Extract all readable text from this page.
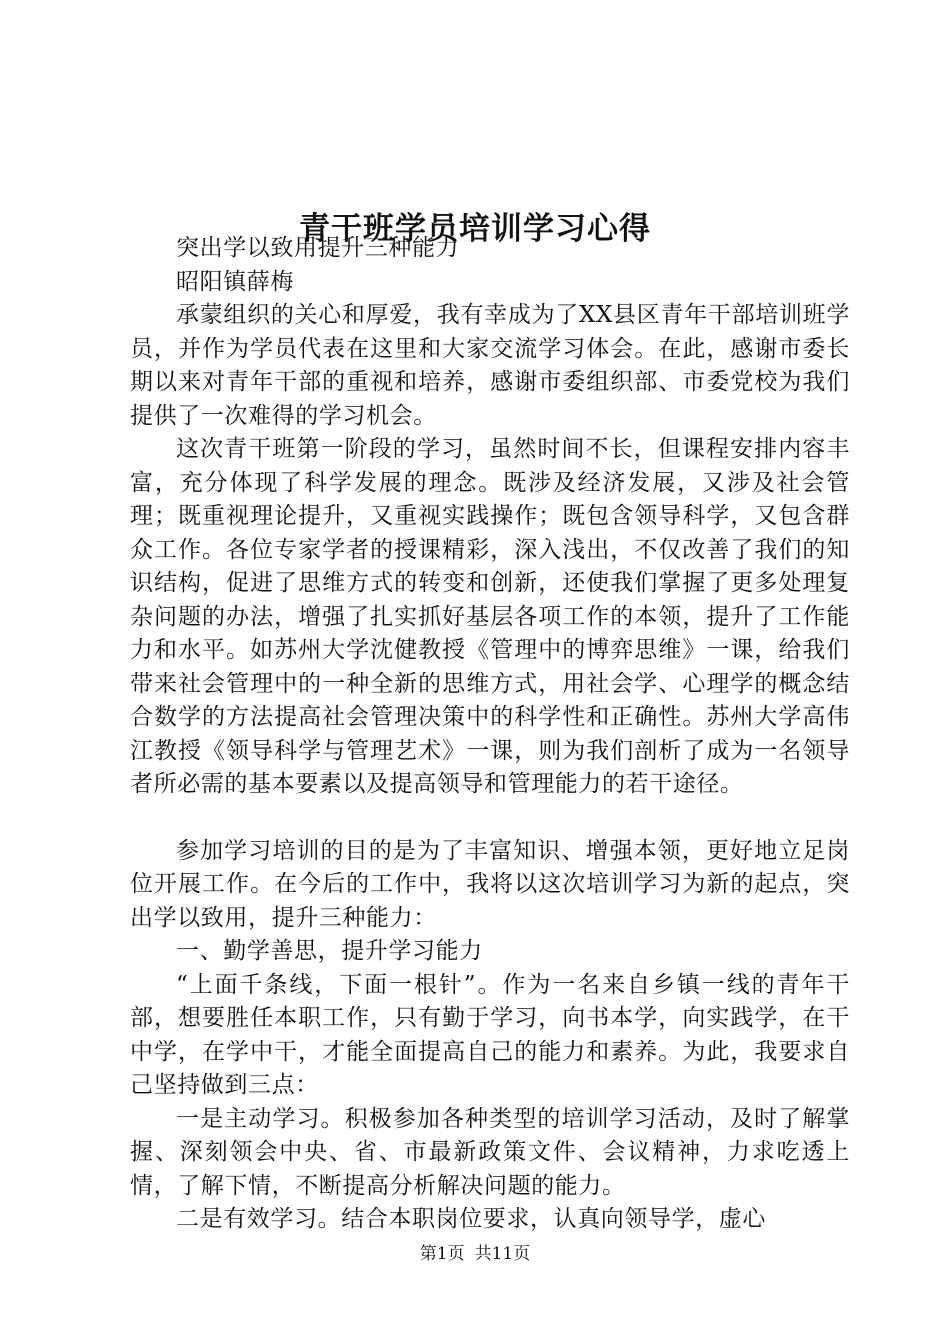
青干班学员培训学习心得

突出学以致用提升三种能力

昭阳镇薛梅

承蒙组织的关心和厚爱，我有幸成为了XX县区青年干部培训班学员，并作为学员代表在这里和大家交流学习体会。在此，感谢市委长期以来对青年干部的重视和培养，感谢市委组织部、市委党校为我们提供了一次难得的学习机会。

这次青干班第一阶段的学习，虽然时间不长，但课程安排内容丰富，充分体现了科学发展的理念。既涉及经济发展，又涉及社会管理；既重视理论提升，又重视实践操作；既包含领导科学，又包含群众工作。各位专家学者的授课精彩，深入浅出，不仅改善了我们的知识结构，促进了思维方式的转变和创新，还使我们掌握了更多处理复杂问题的办法，增强了扎实抓好基层各项工作的本领，提升了工作能力和水平。如苏州大学沈健教授《管理中的博弈思维》一课，给我们带来社会管理中的一种全新的思维方式，用社会学、心理学的概念结合数学的方法提高社会管理决策中的科学性和正确性。苏州大学高伟江教授《领导科学与管理艺术》一课，则为我们剖析了成为一名领导者所必需的基本要素以及提高领导和管理能力的若干途径。

参加学习培训的目的是为了丰富知识、增强本领，更好地立足岗位开展工作。在今后的工作中，我将以这次培训学习为新的起点，突出学以致用，提升三种能力：

一、勤学善思，提升学习能力

“上面千条线，下面一根针”。作为一名来自乡镇一线的青年干部，想要胜任本职工作，只有勤于学习，向书本学，向实践学，在干中学，在学中干，才能全面提高自己的能力和素养。为此，我要求自己坚持做到三点：

一是主动学习。积极参加各种类型的培训学习活动，及时了解掌握、深刻领会中央、省、市最新政策文件、会议精神，力求吃透上情，了解下情，不断提高分析解决问题的能力。

二是有效学习。结合本职岗位要求，认真向领导学，虚心

第1页 共11页
